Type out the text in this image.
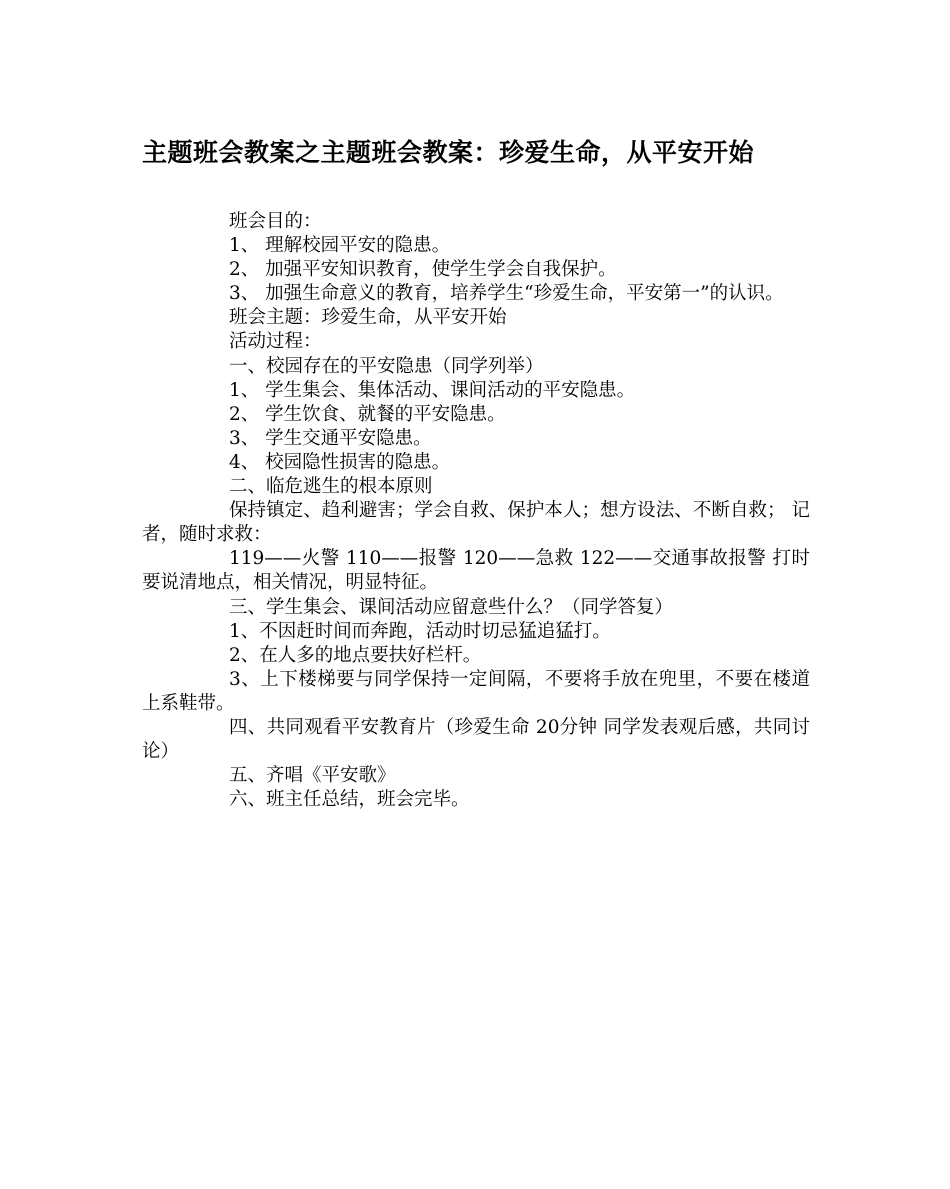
主题班会教案之主题班会教案：珍爱生命，从平安开始

班会目的：

1、 理解校园平安的隐患。

2、 加强平安知识教育，使学生学会自我保护。

3、 加强生命意义的教育，培养学生“珍爱生命，平安第一”的认识。

班会主题：珍爱生命，从平安开始

活动过程：

一、校园存在的平安隐患（同学列举）

1、 学生集会、集体活动、课间活动的平安隐患。

2、 学生饮食、就餐的平安隐患。

3、 学生交通平安隐患。

4、 校园隐性损害的隐患。

二、临危逃生的根本原则

保持镇定、趋利避害；学会自救、保护本人；想方设法、不断自救； 记者，随时求救：

119——火警 110——报警 120——急救 122——交通事故报警 打时要说清地点，相关情况，明显特征。

三、学生集会、课间活动应留意些什么？（同学答复）

1、不因赶时间而奔跑，活动时切忌猛追猛打。

2、在人多的地点要扶好栏杆。

3、上下楼梯要与同学保持一定间隔，不要将手放在兜里，不要在楼道上系鞋带。

四、共同观看平安教育片（珍爱生命 20分钟 同学发表观后感，共同讨论）

五、齐唱《平安歌》

六、班主任总结，班会完毕。
